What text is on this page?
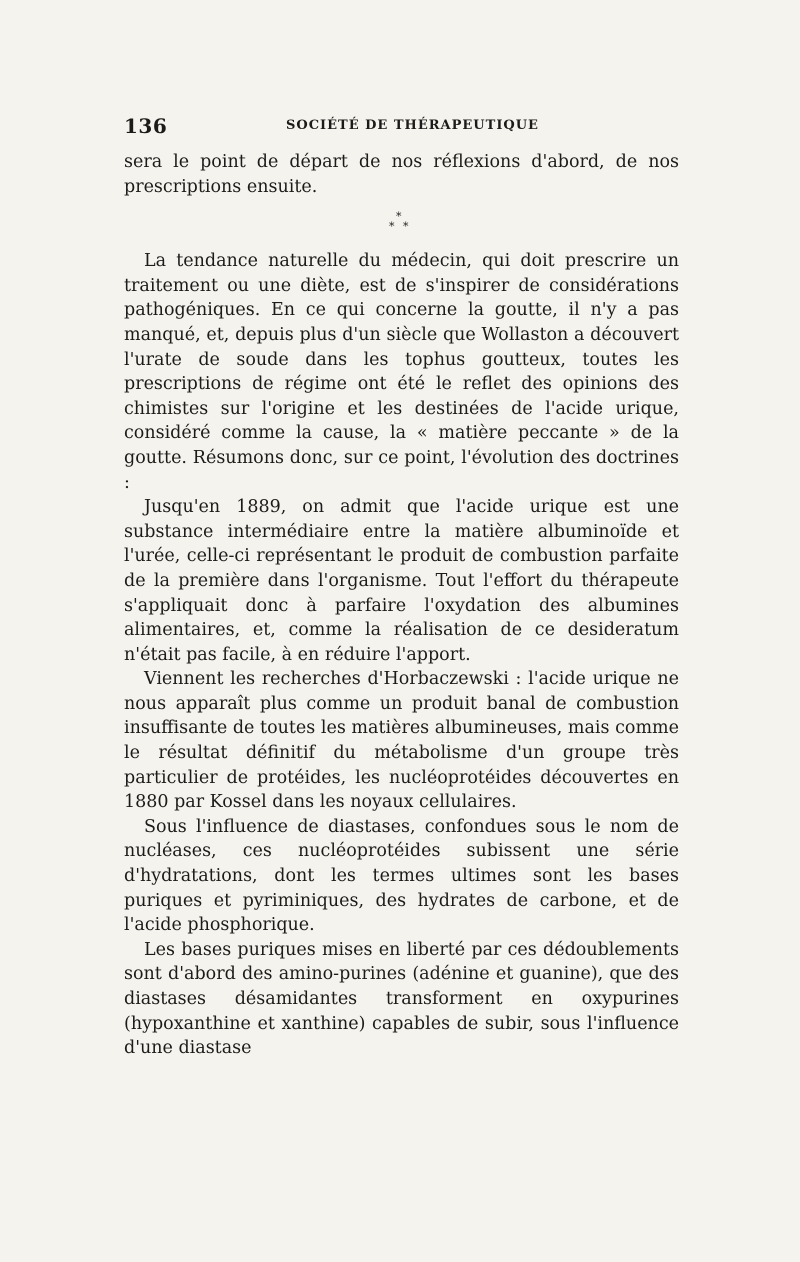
136	SOCIÉTÉ DE THÉRAPEUTIQUE

sera le point de départ de nos réflexions d'abord, de nos prescriptions ensuite.

*
* *

La tendance naturelle du médecin, qui doit prescrire un traitement ou une diète, est de s'inspirer de considérations pathogéniques. En ce qui concerne la goutte, il n'y a pas manqué, et, depuis plus d'un siècle que Wollaston a découvert l'urate de soude dans les tophus goutteux, toutes les prescriptions de régime ont été le reflet des opinions des chimistes sur l'origine et les destinées de l'acide urique, considéré comme la cause, la « matière peccante » de la goutte. Résumons donc, sur ce point, l'évolution des doctrines :

Jusqu'en 1889, on admit que l'acide urique est une substance intermédiaire entre la matière albuminoïde et l'urée, celle-ci représentant le produit de combustion parfaite de la première dans l'organisme. Tout l'effort du thérapeute s'appliquait donc à parfaire l'oxydation des albumines alimentaires, et, comme la réalisation de ce desideratum n'était pas facile, à en réduire l'apport.

Viennent les recherches d'Horbaczewski : l'acide urique ne nous apparaît plus comme un produit banal de combustion insuffisante de toutes les matières albumineuses, mais comme le résultat définitif du métabolisme d'un groupe très particulier de protéides, les nucléoprotéides découvertes en 1880 par Kossel dans les noyaux cellulaires.

Sous l'influence de diastases, confondues sous le nom de nucléases, ces nucléoprotéides subissent une série d'hydratations, dont les termes ultimes sont les bases puriques et pyriminiques, des hydrates de carbone, et de l'acide phosphorique.

Les bases puriques mises en liberté par ces dédoublements sont d'abord des amino-purines (adénine et guanine), que des diastases désamidantes transforment en oxypurines (hypoxanthine et xanthine) capables de subir, sous l'influence d'une diastase
